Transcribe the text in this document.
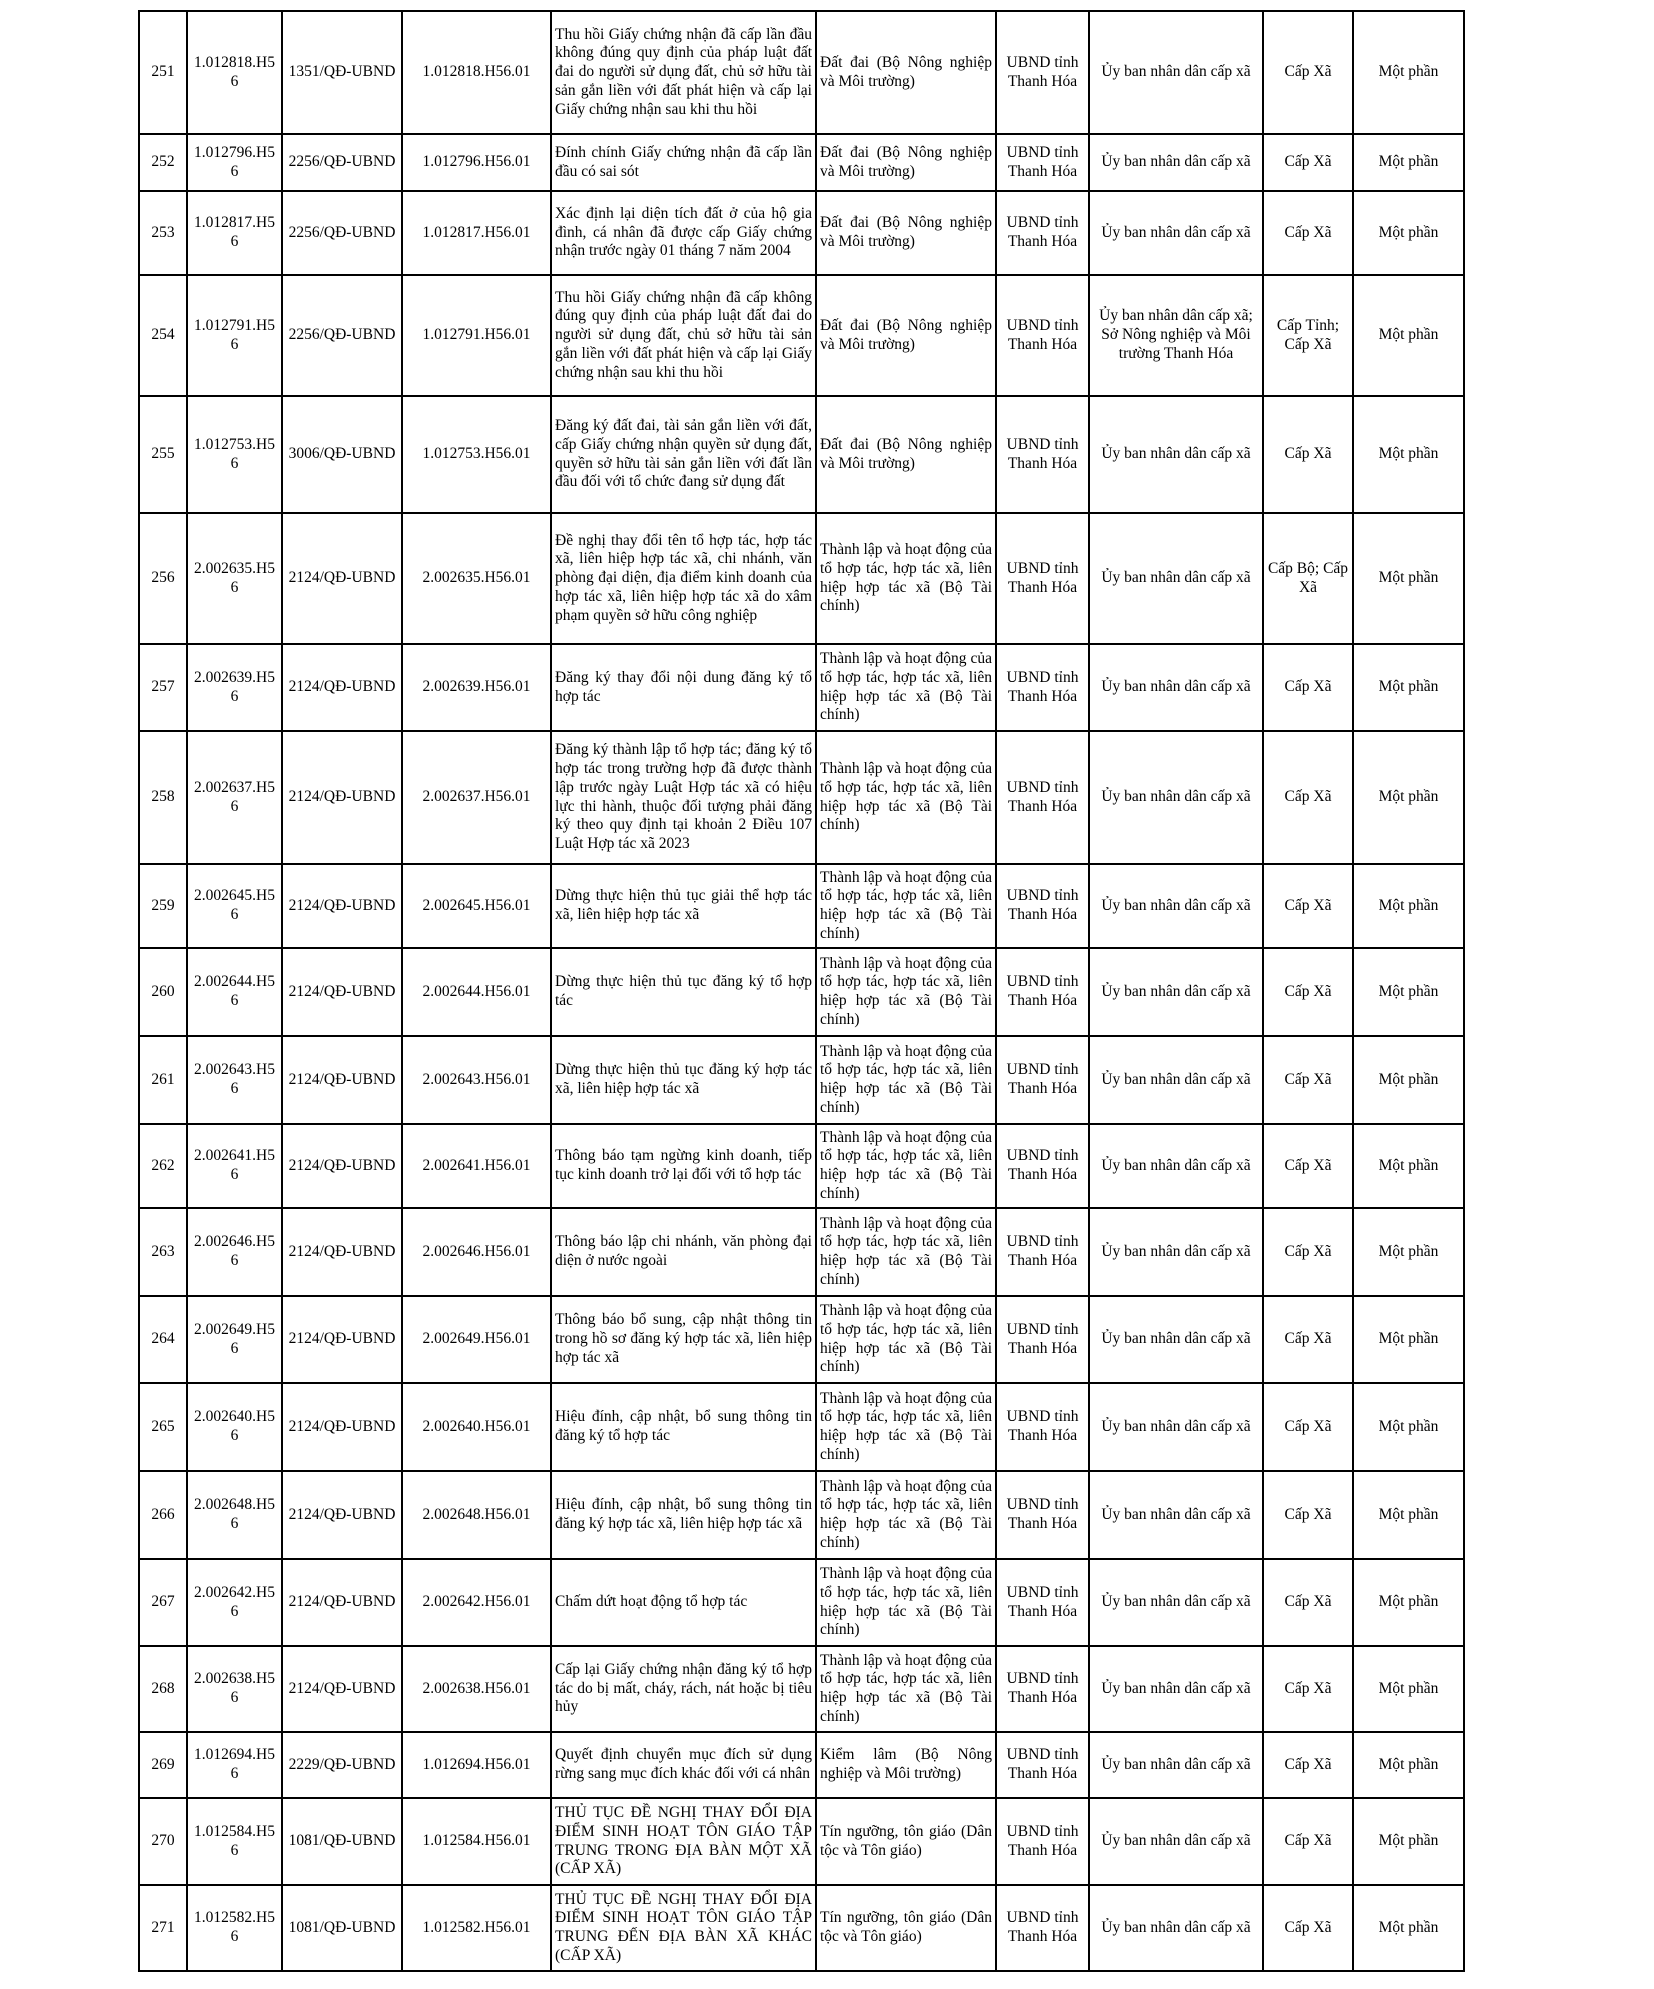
251	1.012818.H56	1351/QĐ-UBND	1.012818.H56.01	Thu hồi Giấy chứng nhận đã cấp lần đầu không đúng quy định của pháp luật đất đai do người sử dụng đất, chủ sở hữu tài sản gắn liền với đất phát hiện và cấp lại Giấy chứng nhận sau khi thu hồi	Đất đai (Bộ Nông nghiệp và Môi trường)	UBND tỉnh Thanh Hóa	Ủy ban nhân dân cấp xã	Cấp Xã	Một phần
252	1.012796.H56	2256/QĐ-UBND	1.012796.H56.01	Đính chính Giấy chứng nhận đã cấp lần đầu có sai sót	Đất đai (Bộ Nông nghiệp và Môi trường)	UBND tỉnh Thanh Hóa	Ủy ban nhân dân cấp xã	Cấp Xã	Một phần
253	1.012817.H56	2256/QĐ-UBND	1.012817.H56.01	Xác định lại diện tích đất ở của hộ gia đình, cá nhân đã được cấp Giấy chứng nhận trước ngày 01 tháng 7 năm 2004	Đất đai (Bộ Nông nghiệp và Môi trường)	UBND tỉnh Thanh Hóa	Ủy ban nhân dân cấp xã	Cấp Xã	Một phần
254	1.012791.H56	2256/QĐ-UBND	1.012791.H56.01	Thu hồi Giấy chứng nhận đã cấp không đúng quy định của pháp luật đất đai do người sử dụng đất, chủ sở hữu tài sản gắn liền với đất phát hiện và cấp lại Giấy chứng nhận sau khi thu hồi	Đất đai (Bộ Nông nghiệp và Môi trường)	UBND tỉnh Thanh Hóa	Ủy ban nhân dân cấp xã; Sở Nông nghiệp và Môi trường Thanh Hóa	Cấp Tỉnh; Cấp Xã	Một phần
255	1.012753.H56	3006/QĐ-UBND	1.012753.H56.01	Đăng ký đất đai, tài sản gắn liền với đất, cấp Giấy chứng nhận quyền sử dụng đất, quyền sở hữu tài sản gắn liền với đất lần đầu đối với tổ chức đang sử dụng đất	Đất đai (Bộ Nông nghiệp và Môi trường)	UBND tỉnh Thanh Hóa	Ủy ban nhân dân cấp xã	Cấp Xã	Một phần
256	2.002635.H56	2124/QĐ-UBND	2.002635.H56.01	Đề nghị thay đổi tên tổ hợp tác, hợp tác xã, liên hiệp hợp tác xã, chi nhánh, văn phòng đại diện, địa điểm kinh doanh của hợp tác xã, liên hiệp hợp tác xã do xâm phạm quyền sở hữu công nghiệp	Thành lập và hoạt động của tổ hợp tác, hợp tác xã, liên hiệp hợp tác xã (Bộ Tài chính)	UBND tỉnh Thanh Hóa	Ủy ban nhân dân cấp xã	Cấp Bộ; Cấp Xã	Một phần
257	2.002639.H56	2124/QĐ-UBND	2.002639.H56.01	Đăng ký thay đổi nội dung đăng ký tổ hợp tác	Thành lập và hoạt động của tổ hợp tác, hợp tác xã, liên hiệp hợp tác xã (Bộ Tài chính)	UBND tỉnh Thanh Hóa	Ủy ban nhân dân cấp xã	Cấp Xã	Một phần
258	2.002637.H56	2124/QĐ-UBND	2.002637.H56.01	Đăng ký thành lập tổ hợp tác; đăng ký tổ hợp tác trong trường hợp đã được thành lập trước ngày Luật Hợp tác xã có hiệu lực thi hành, thuộc đối tượng phải đăng ký theo quy định tại khoản 2 Điều 107 Luật Hợp tác xã 2023	Thành lập và hoạt động của tổ hợp tác, hợp tác xã, liên hiệp hợp tác xã (Bộ Tài chính)	UBND tỉnh Thanh Hóa	Ủy ban nhân dân cấp xã	Cấp Xã	Một phần
259	2.002645.H56	2124/QĐ-UBND	2.002645.H56.01	Dừng thực hiện thủ tục giải thể hợp tác xã, liên hiệp hợp tác xã	Thành lập và hoạt động của tổ hợp tác, hợp tác xã, liên hiệp hợp tác xã (Bộ Tài chính)	UBND tỉnh Thanh Hóa	Ủy ban nhân dân cấp xã	Cấp Xã	Một phần
260	2.002644.H56	2124/QĐ-UBND	2.002644.H56.01	Dừng thực hiện thủ tục đăng ký tổ hợp tác	Thành lập và hoạt động của tổ hợp tác, hợp tác xã, liên hiệp hợp tác xã (Bộ Tài chính)	UBND tỉnh Thanh Hóa	Ủy ban nhân dân cấp xã	Cấp Xã	Một phần
261	2.002643.H56	2124/QĐ-UBND	2.002643.H56.01	Dừng thực hiện thủ tục đăng ký hợp tác xã, liên hiệp hợp tác xã	Thành lập và hoạt động của tổ hợp tác, hợp tác xã, liên hiệp hợp tác xã (Bộ Tài chính)	UBND tỉnh Thanh Hóa	Ủy ban nhân dân cấp xã	Cấp Xã	Một phần
262	2.002641.H56	2124/QĐ-UBND	2.002641.H56.01	Thông báo tạm ngừng kinh doanh, tiếp tục kinh doanh trở lại đối với tổ hợp tác	Thành lập và hoạt động của tổ hợp tác, hợp tác xã, liên hiệp hợp tác xã (Bộ Tài chính)	UBND tỉnh Thanh Hóa	Ủy ban nhân dân cấp xã	Cấp Xã	Một phần
263	2.002646.H56	2124/QĐ-UBND	2.002646.H56.01	Thông báo lập chi nhánh, văn phòng đại diện ở nước ngoài	Thành lập và hoạt động của tổ hợp tác, hợp tác xã, liên hiệp hợp tác xã (Bộ Tài chính)	UBND tỉnh Thanh Hóa	Ủy ban nhân dân cấp xã	Cấp Xã	Một phần
264	2.002649.H56	2124/QĐ-UBND	2.002649.H56.01	Thông báo bổ sung, cập nhật thông tin trong hồ sơ đăng ký hợp tác xã, liên hiệp hợp tác xã	Thành lập và hoạt động của tổ hợp tác, hợp tác xã, liên hiệp hợp tác xã (Bộ Tài chính)	UBND tỉnh Thanh Hóa	Ủy ban nhân dân cấp xã	Cấp Xã	Một phần
265	2.002640.H56	2124/QĐ-UBND	2.002640.H56.01	Hiệu đính, cập nhật, bổ sung thông tin đăng ký tổ hợp tác	Thành lập và hoạt động của tổ hợp tác, hợp tác xã, liên hiệp hợp tác xã (Bộ Tài chính)	UBND tỉnh Thanh Hóa	Ủy ban nhân dân cấp xã	Cấp Xã	Một phần
266	2.002648.H56	2124/QĐ-UBND	2.002648.H56.01	Hiệu đính, cập nhật, bổ sung thông tin đăng ký hợp tác xã, liên hiệp hợp tác xã	Thành lập và hoạt động của tổ hợp tác, hợp tác xã, liên hiệp hợp tác xã (Bộ Tài chính)	UBND tỉnh Thanh Hóa	Ủy ban nhân dân cấp xã	Cấp Xã	Một phần
267	2.002642.H56	2124/QĐ-UBND	2.002642.H56.01	Chấm dứt hoạt động tổ hợp tác	Thành lập và hoạt động của tổ hợp tác, hợp tác xã, liên hiệp hợp tác xã (Bộ Tài chính)	UBND tỉnh Thanh Hóa	Ủy ban nhân dân cấp xã	Cấp Xã	Một phần
268	2.002638.H56	2124/QĐ-UBND	2.002638.H56.01	Cấp lại Giấy chứng nhận đăng ký tổ hợp tác do bị mất, cháy, rách, nát hoặc bị tiêu hủy	Thành lập và hoạt động của tổ hợp tác, hợp tác xã, liên hiệp hợp tác xã (Bộ Tài chính)	UBND tỉnh Thanh Hóa	Ủy ban nhân dân cấp xã	Cấp Xã	Một phần
269	1.012694.H56	2229/QĐ-UBND	1.012694.H56.01	Quyết định chuyển mục đích sử dụng rừng sang mục đích khác đối với cá nhân	Kiểm lâm (Bộ Nông nghiệp và Môi trường)	UBND tỉnh Thanh Hóa	Ủy ban nhân dân cấp xã	Cấp Xã	Một phần
270	1.012584.H56	1081/QĐ-UBND	1.012584.H56.01	THỦ TỤC ĐỀ NGHỊ THAY ĐỔI ĐỊA ĐIỂM SINH HOẠT TÔN GIÁO TẬP TRUNG TRONG ĐỊA BÀN MỘT XÃ (CẤP XÃ)	Tín ngưỡng, tôn giáo (Dân tộc và Tôn giáo)	UBND tỉnh Thanh Hóa	Ủy ban nhân dân cấp xã	Cấp Xã	Một phần
271	1.012582.H56	1081/QĐ-UBND	1.012582.H56.01	THỦ TỤC ĐỀ NGHỊ THAY ĐỔI ĐỊA ĐIỂM SINH HOẠT TÔN GIÁO TẬP TRUNG ĐẾN ĐỊA BÀN XÃ KHÁC (CẤP XÃ)	Tín ngưỡng, tôn giáo (Dân tộc và Tôn giáo)	UBND tỉnh Thanh Hóa	Ủy ban nhân dân cấp xã	Cấp Xã	Một phần
